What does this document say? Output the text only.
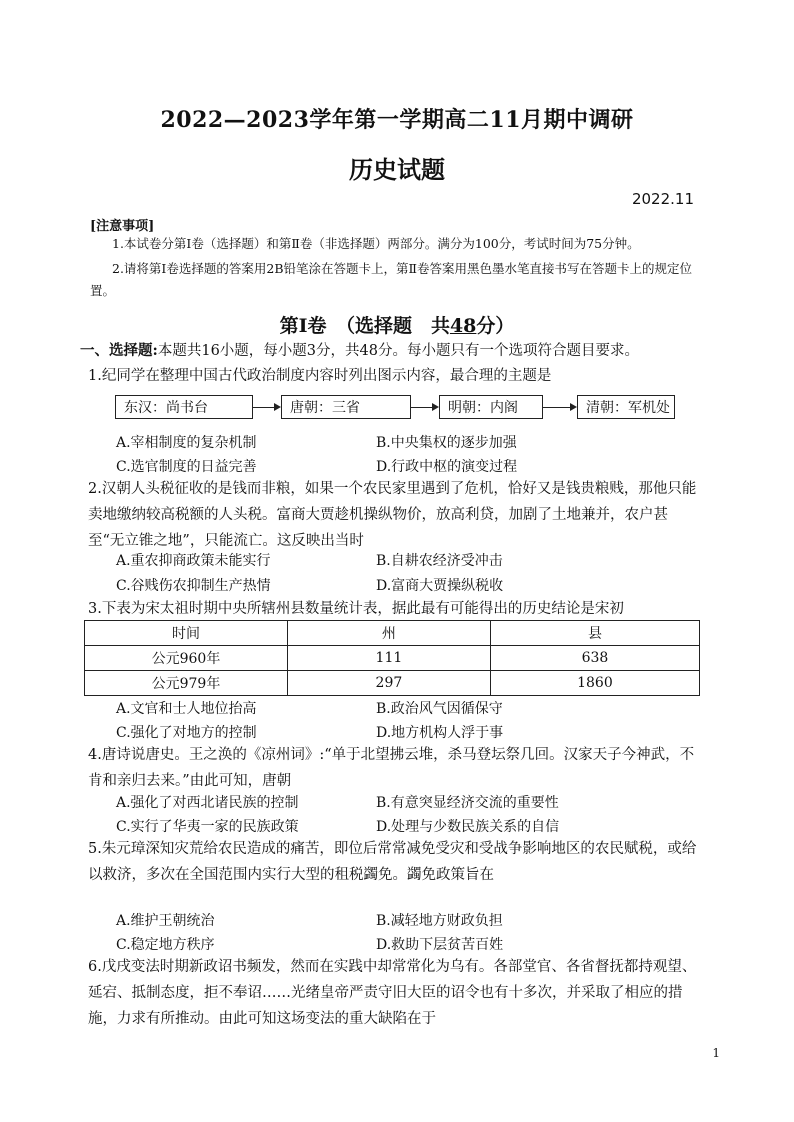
2022—2023学年第一学期高二11月期中调研
历史试题
2022.11
[注意事项]
1.本试卷分第Ⅰ卷（选择题）和第Ⅱ卷（非选择题）两部分。满分为100分，考试时间为75分钟。
2.请将第Ⅰ卷选择题的答案用2B铅笔涂在答题卡上，第Ⅱ卷答案用黑色墨水笔直接书写在答题卡上的规定位置。
第Ⅰ卷　（选择题　共48分）
一、选择题:本题共16小题，每小题3分，共48分。每小题只有一个选项符合题目要求。
1.纪同学在整理中国古代政治制度内容时列出图示内容，最合理的主题是
东汉：尚书台	唐朝：三省	明朝：内阁	清朝：军机处
A.宰相制度的复杂机制	B.中央集权的逐步加强
C.选官制度的日益完善	D.行政中枢的演变过程
2.汉朝人头税征收的是钱而非粮，如果一个农民家里遇到了危机，恰好又是钱贵粮贱，那他只能卖地缴纳较高税额的人头税。富商大贾趁机操纵物价，放高利贷，加剧了土地兼并，农户甚至“无立锥之地”，只能流亡。这反映出当时
A.重农抑商政策未能实行	B.自耕农经济受冲击
C.谷贱伤农抑制生产热情	D.富商大贾操纵税收
3.下表为宋太祖时期中央所辖州县数量统计表，据此最有可能得出的历史结论是宋初
时间	州	县
公元960年	111	638
公元979年	297	1860
A.文官和士人地位抬高	B.政治风气因循保守
C.强化了对地方的控制	D.地方机构人浮于事
4.唐诗说唐史。王之涣的《凉州词》:“单于北望拂云堆，杀马登坛祭几回。汉家天子今神武，不肯和亲归去来。”由此可知，唐朝
A.强化了对西北诸民族的控制	B.有意突显经济交流的重要性
C.实行了华夷一家的民族政策	D.处理与少数民族关系的自信
5.朱元璋深知灾荒给农民造成的痛苦，即位后常常减免受灾和受战争影响地区的农民赋税，或给以救济，多次在全国范围内实行大型的租税蠲免。蠲免政策旨在
A.维护王朝统治	B.减轻地方财政负担
C.稳定地方秩序	D.救助下层贫苦百姓
6.戊戌变法时期新政诏书频发，然而在实践中却常常化为乌有。各部堂官、各省督抚都持观望、延宕、抵制态度，拒不奉诏……光绪皇帝严责守旧大臣的诏令也有十多次，并采取了相应的措施，力求有所推动。由此可知这场变法的重大缺陷在于
1
